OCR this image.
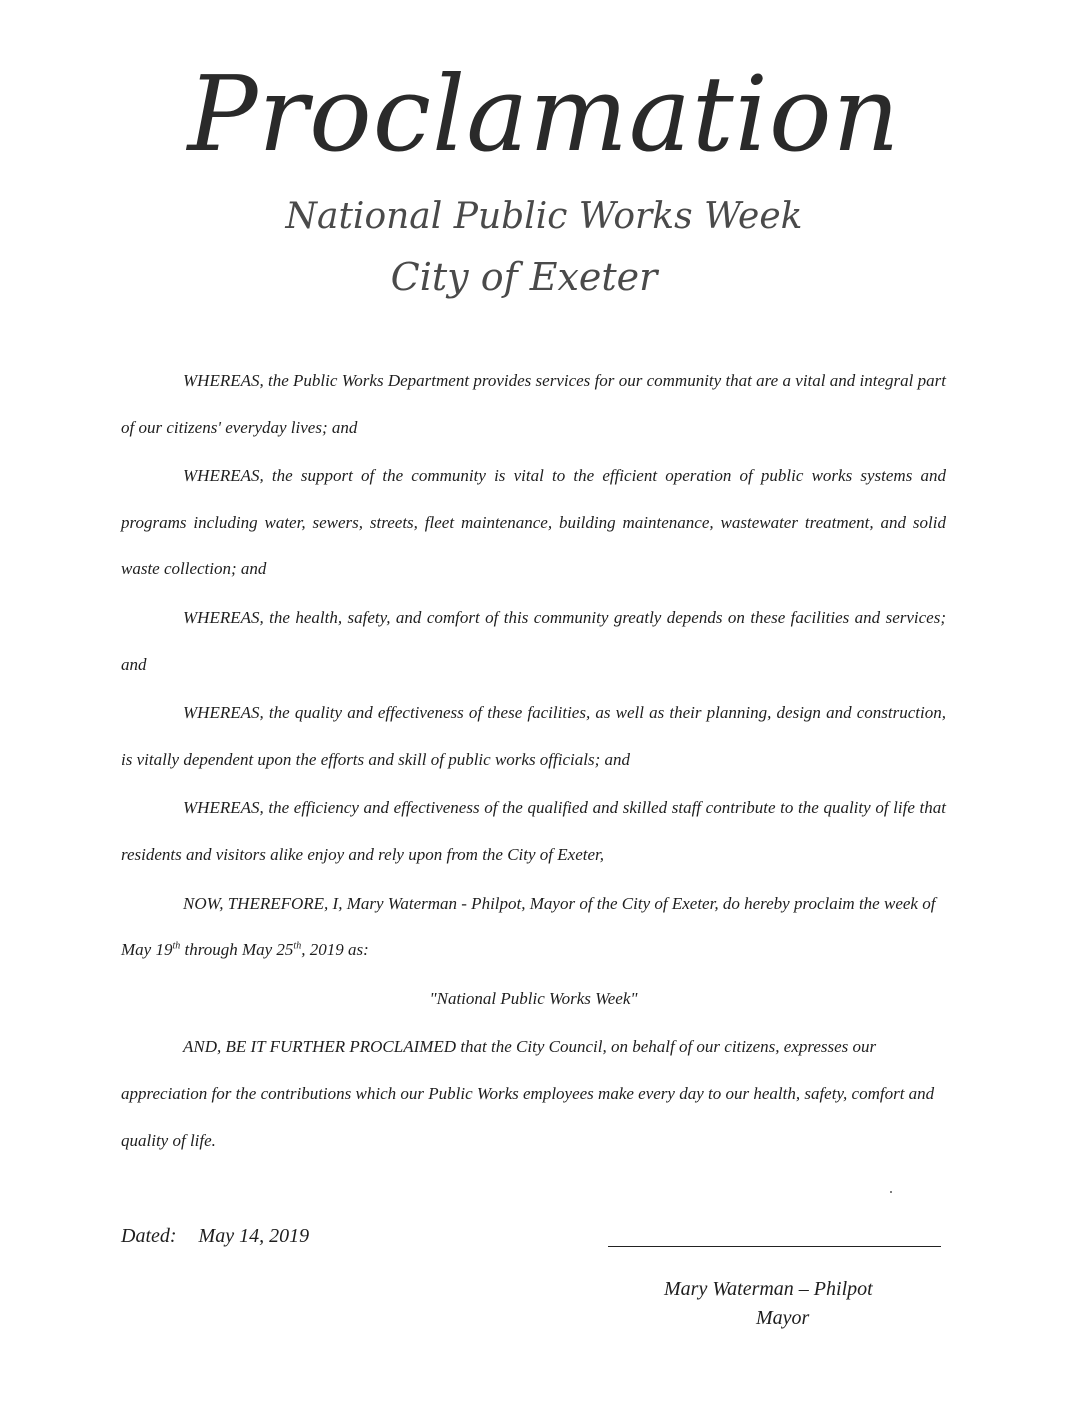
Proclamation
National Public Works Week
City of Exeter

WHEREAS, the Public Works Department provides services for our community that are a vital and integral part of our citizens' everyday lives; and

WHEREAS, the support of the community is vital to the efficient operation of public works systems and programs including water, sewers, streets, fleet maintenance, building maintenance, wastewater treatment, and solid waste collection; and

WHEREAS, the health, safety, and comfort of this community greatly depends on these facilities and services; and

WHEREAS, the quality and effectiveness of these facilities, as well as their planning, design and construction, is vitally dependent upon the efforts and skill of public works officials; and

WHEREAS, the efficiency and effectiveness of the qualified and skilled staff contribute to the quality of life that residents and visitors alike enjoy and rely upon from the City of Exeter,

NOW, THEREFORE, I, Mary Waterman - Philpot, Mayor of the City of Exeter, do hereby proclaim the week of May 19th through May 25th, 2019 as:

"National Public Works Week"

AND, BE IT FURTHER PROCLAIMED that the City Council, on behalf of our citizens, expresses our appreciation for the contributions which our Public Works employees make every day to our health, safety, comfort and quality of life.

Dated: May 14, 2019
Mary Waterman – Philpot
Mayor
